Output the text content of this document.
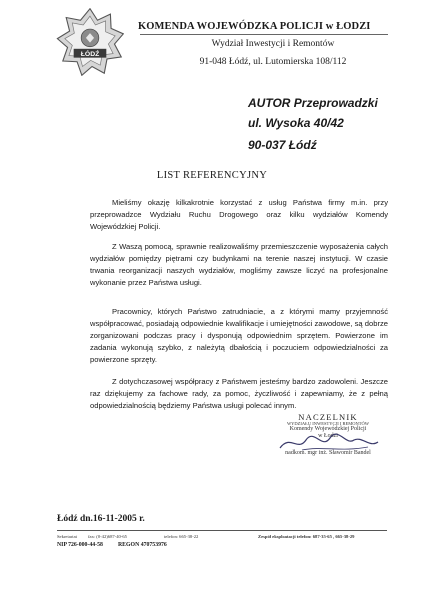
ŁÓDŹ
KOMENDA WOJEWÓDZKA POLICJI w ŁODZI
Wydział Inwestycji i Remontów
91-048 Łódź, ul. Lutomierska 108/112
AUTOR Przeprowadzki
ul. Wysoka 40/42
90-037 Łódź
LIST REFERENCYJNY

Mieliśmy okazję kilkakrotnie korzystać z usług Państwa firmy m.in. przy przeprowadzce Wydziału Ruchu Drogowego oraz kilku wydziałów Komendy Wojewódzkiej Policji.

Z Waszą pomocą, sprawnie realizowaliśmy przemieszczenie wyposażenia całych wydziałów pomiędzy piętrami czy budynkami na terenie naszej instytucji. W czasie trwania reorganizacji naszych wydziałów, mogliśmy zawsze liczyć na profesjonalne wykonanie przez Państwa usługi.

Pracownicy, których Państwo zatrudniacie, a z którymi mamy przyjemność współpracować, posiadają odpowiednie kwalifikacje i umiejętności zawodowe, są dobrze zorganizowani podczas pracy i dysponują odpowiednim sprzętem. Powierzone im zadania wykonują szybko, z należytą dbałością i poczuciem odpowiedzialności za powierzone sprzęty.

Z dotychczasowej współpracy z Państwem jesteśmy bardzo zadowoleni. Jeszcze raz dziękujemy za fachowe rady, za pomoc, życzliwość i zapewniamy, że z pełną odpowiedzialnością będziemy Państwa usługi polecać innym.

NACZELNIK
WYDZIAŁU INWESTYCJI I REMONTÓW
Komendy Wojewódzkiej Policji
w Łodzi
nadkom. mgr inż. Sławomir Bandel
Łódź dn.16-11-2005 r.
Sekretariat fax: (0-42)687-40-65	telefon: 665-38-22	Zespół eksploatacji telefon: 687-35-65 , 665-38-29
NIP 726-000-44-58	REGON 470753976
